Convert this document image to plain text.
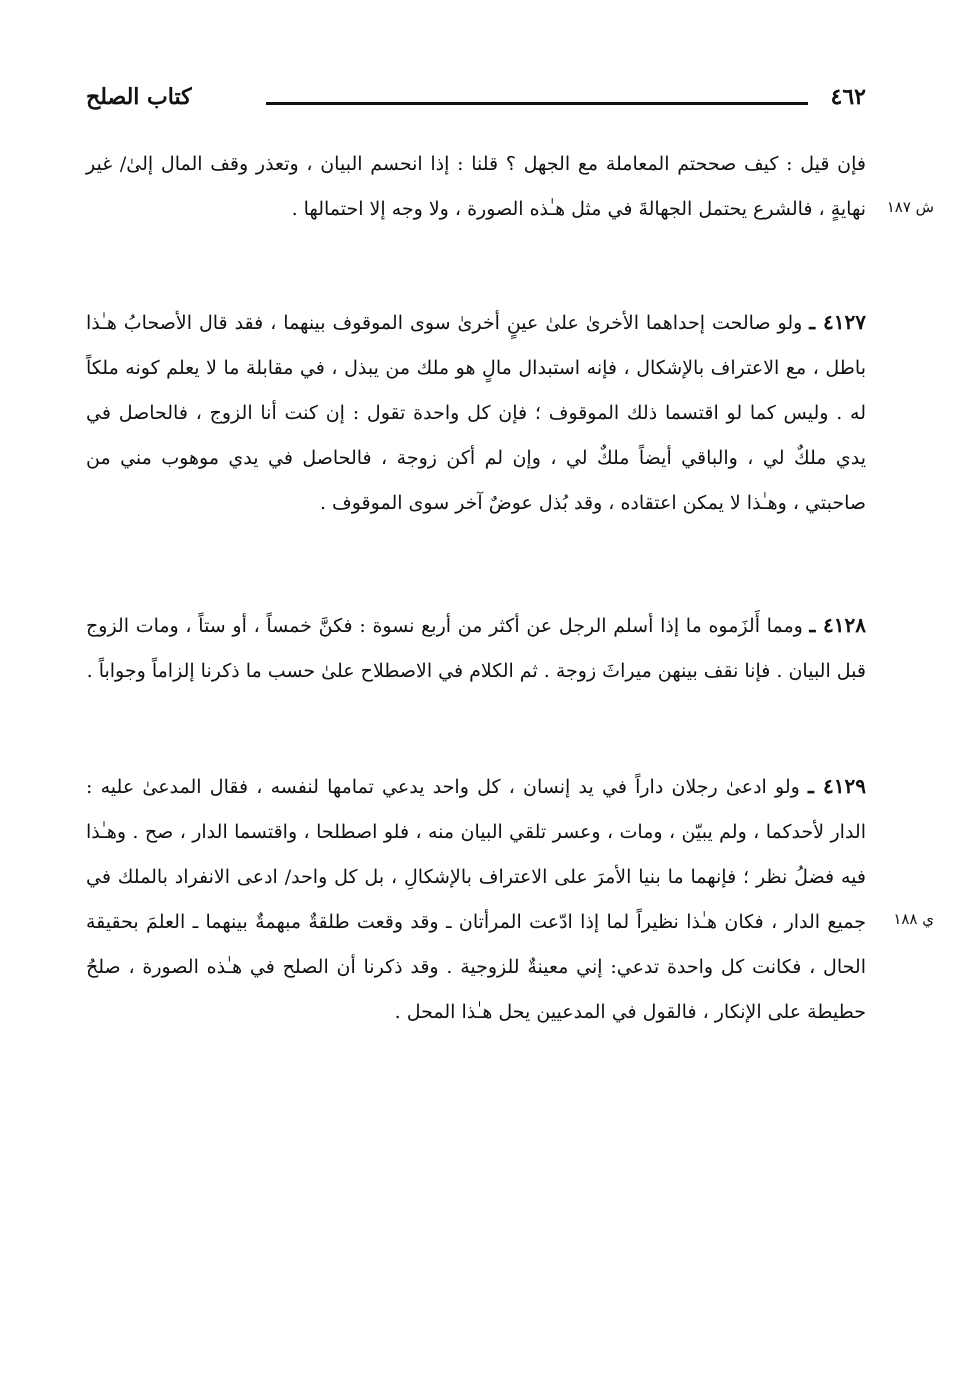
٤٦٢
كتاب الصلح
ش ١٨٧
ي ١٨٨

فإن قيل : كيف صححتم المعاملة مع الجهل ؟ قلنا : إذا انحسم البيان ، وتعذر وقف المال إلىٰ/ غير نهايةٍ ، فالشرع يحتمل الجهالةَ في مثل هـٰذه الصورة ، ولا وجه إلا احتمالها .

٤١٢٧ ـ ولو صالحت إحداهما الأخرىٰ علىٰ عينٍ أخرىٰ سوى الموقوف بينهما ، فقد قال الأصحابُ هـٰذا باطل ، مع الاعتراف بالإشكال ، فإنه استبدال مالٍ هو ملك من يبذل ، في مقابلة ما لا يعلم كونه ملكاً له . وليس كما لو اقتسما ذلك الموقوف ؛ فإن كل واحدة تقول : إن كنت أنا الزوج ، فالحاصل في يدي ملكٌ لي ، والباقي أيضاً ملكٌ لي ، وإن لم أكن زوجة ، فالحاصل في يدي موهوب مني من صاحبتي ، وهـٰذا لا يمكن اعتقاده ، وقد بُذل عوضٌ آخر سوى الموقوف .

٤١٢٨ ـ ومما أَلزَموه ما إذا أسلم الرجل عن أكثر من أربع نسوة : فكنَّ خمساً ، أو ستاً ، ومات الزوج قبل البيان . فإنا نقف بينهن ميراثَ زوجة . ثم الكلام في الاصطلاح علىٰ حسب ما ذكرنا إلزاماً وجواباً .

٤١٢٩ ـ ولو ادعىٰ رجلان داراً في يد إنسان ، كل واحد يدعي تمامها لنفسه ، فقال المدعىٰ عليه : الدار لأحدكما ، ولم يبيّن ، ومات ، وعسر تلقي البيان منه ، فلو اصطلحا ، واقتسما الدار ، صح . وهـٰذا فيه فضلُ نظر ؛ فإنهما ما بنيا الأمرَ على الاعتراف بالإشكالِ ، بل كل واحد/ ادعى الانفراد بالملك في جميع الدار ، فكان هـٰذا نظيراً لما إذا ادّعت المرأتان ـ وقد وقعت طلقةٌ مبهمةٌ بينهما ـ العلمَ بحقيقة الحال ، فكانت كل واحدة تدعي: إني معينةٌ للزوجية . وقد ذكرنا أن الصلح في هـٰذه الصورة ، صلحُ حطيطة على الإنكار ، فالقول في المدعيين يحل هـٰذا المحل .
